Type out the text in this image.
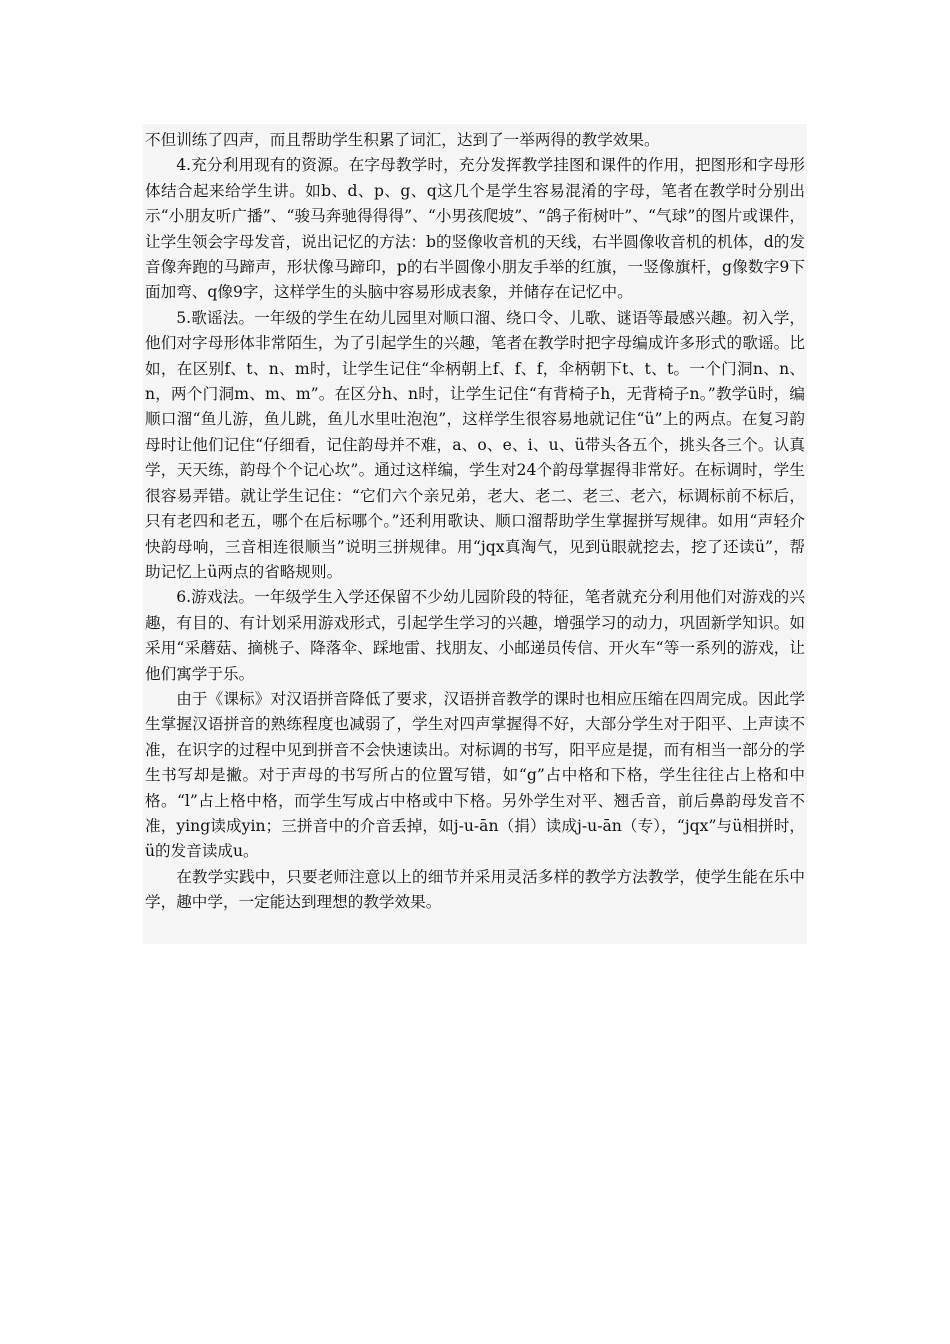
不但训练了四声，而且帮助学生积累了词汇，达到了一举两得的教学效果。

4.充分利用现有的资源。在字母教学时，充分发挥教学挂图和课件的作用，把图形和字母形体结合起来给学生讲。如b、d、p、g、q这几个是学生容易混淆的字母，笔者在教学时分别出示“小朋友听广播”、“骏马奔驰得得得”、“小男孩爬坡”、“鸽子衔树叶”、“气球”的图片或课件，让学生领会字母发音，说出记忆的方法：b的竖像收音机的天线，右半圆像收音机的机体，d的发音像奔跑的马蹄声，形状像马蹄印，p的右半圆像小朋友手举的红旗，一竖像旗杆，g像数字9下面加弯、q像9字，这样学生的头脑中容易形成表象，并储存在记忆中。

5.歌谣法。一年级的学生在幼儿园里对顺口溜、绕口令、儿歌、谜语等最感兴趣。初入学，他们对字母形体非常陌生，为了引起学生的兴趣，笔者在教学时把字母编成许多形式的歌谣。比如，在区别f、t、n、m时，让学生记住“伞柄朝上f、f、f，伞柄朝下t、t、t。一个门洞n、n、n，两个门洞m、m、m”。在区分h、n时，让学生记住“有背椅子h，无背椅子n。”教学ü时，编顺口溜“鱼儿游，鱼儿跳，鱼儿水里吐泡泡”，这样学生很容易地就记住“ü”上的两点。在复习韵母时让他们记住“仔细看，记住韵母并不难，a、o、e、i、u、ü带头各五个，挑头各三个。认真学，天天练，韵母个个记心坎”。通过这样编，学生对24个韵母掌握得非常好。在标调时，学生很容易弄错。就让学生记住：“它们六个亲兄弟，老大、老二、老三、老六，标调标前不标后，只有老四和老五，哪个在后标哪个。”还利用歌诀、顺口溜帮助学生掌握拼写规律。如用“声轻介快韵母响，三音相连很顺当”说明三拼规律。用“jqx真淘气，见到ü眼就挖去，挖了还读ü”，帮助记忆上ü两点的省略规则。

6.游戏法。一年级学生入学还保留不少幼儿园阶段的特征，笔者就充分利用他们对游戏的兴趣，有目的、有计划采用游戏形式，引起学生学习的兴趣，增强学习的动力，巩固新学知识。如采用“采蘑菇、摘桃子、降落伞、踩地雷、找朋友、小邮递员传信、开火车“等一系列的游戏，让他们寓学于乐。

由于《课标》对汉语拼音降低了要求，汉语拼音教学的课时也相应压缩在四周完成。因此学生掌握汉语拼音的熟练程度也减弱了，学生对四声掌握得不好，大部分学生对于阳平、上声读不准，在识字的过程中见到拼音不会快速读出。对标调的书写，阳平应是提，而有相当一部分的学生书写却是撇。对于声母的书写所占的位置写错，如“g”占中格和下格，学生往往占上格和中格。“l”占上格中格，而学生写成占中格或中下格。另外学生对平、翘舌音，前后鼻韵母发音不准，ying读成yin；三拼音中的介音丢掉，如j-u-ān（捐）读成j-u-ān（专），“jqx”与ü相拼时，ü的发音读成u。

在教学实践中，只要老师注意以上的细节并采用灵活多样的教学方法教学，使学生能在乐中学，趣中学，一定能达到理想的教学效果。
